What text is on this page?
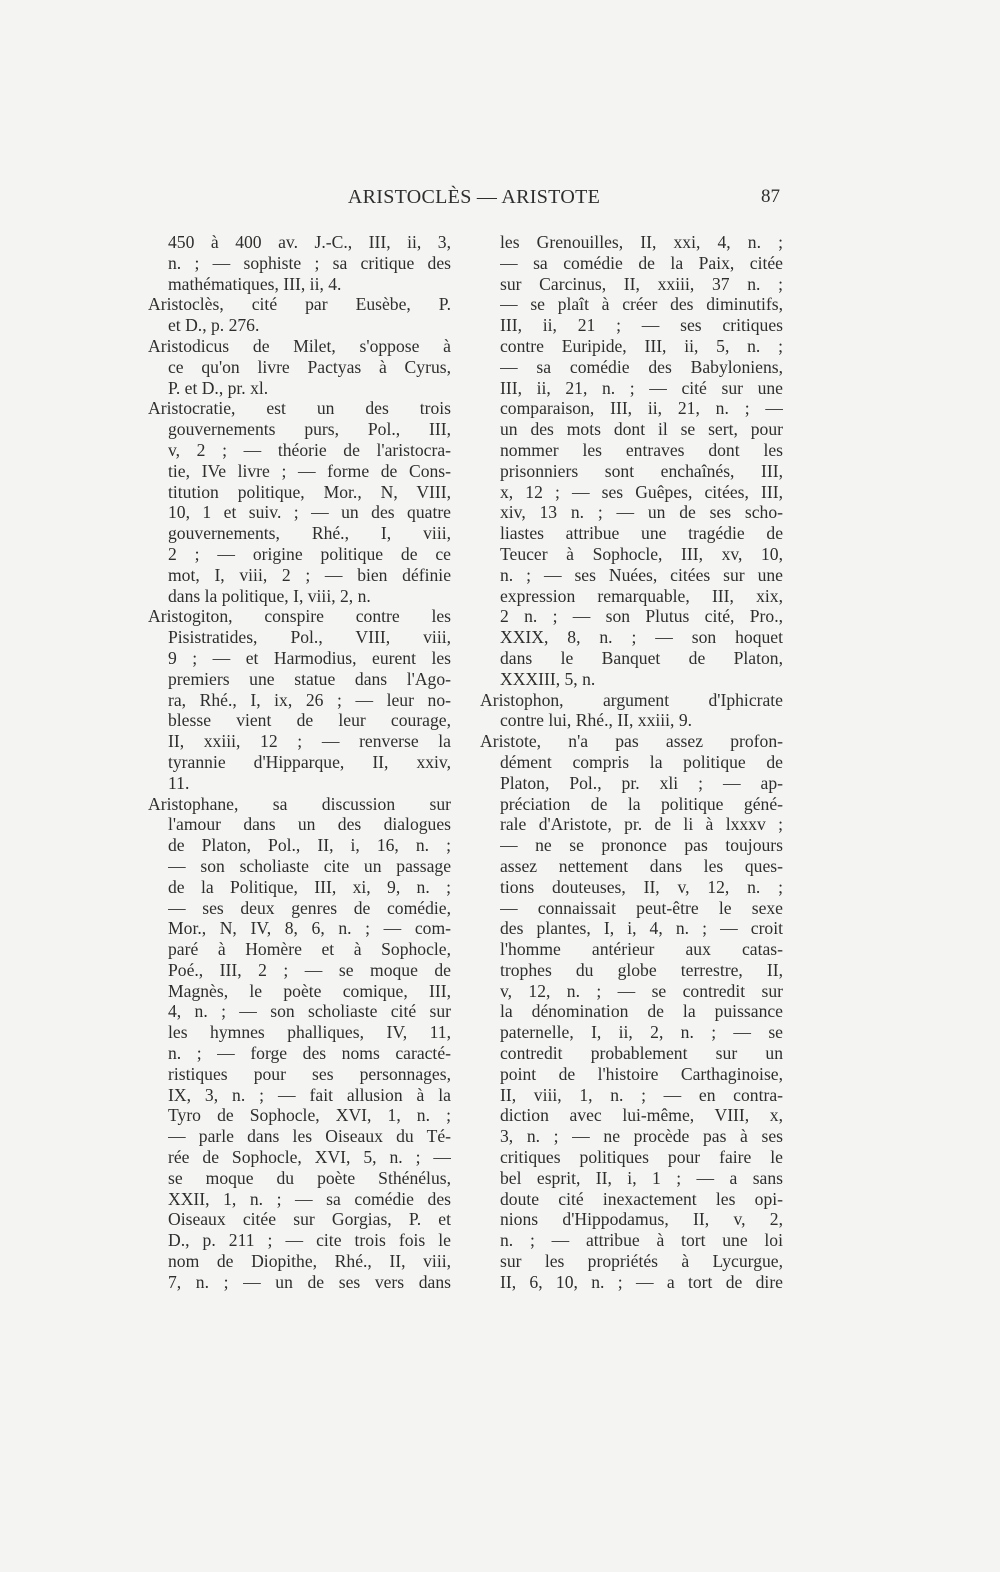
ARISTOCLÈS — ARISTOTE	87
450 à 400 av. J.-C., III, ii, 3,
n. ; — sophiste ; sa critique des
mathématiques, III, ii, 4.
Aristoclès, cité par Eusèbe, P.
et D., p. 276.
Aristodicus de Milet, s'oppose à
ce qu'on livre Pactyas à Cyrus,
P. et D., pr. xl.
Aristocratie, est un des trois
gouvernements purs, Pol., III,
v, 2 ; — théorie de l'aristocra-
tie, IVe livre ; — forme de Cons-
titution politique, Mor., N, VIII,
10, 1 et suiv. ; — un des quatre
gouvernements, Rhé., I, viii,
2 ; — origine politique de ce
mot, I, viii, 2 ; — bien définie
dans la politique, I, viii, 2, n.
Aristogiton, conspire contre les
Pisistratides, Pol., VIII, viii,
9 ; — et Harmodius, eurent les
premiers une statue dans l'Ago-
ra, Rhé., I, ix, 26 ; — leur no-
blesse vient de leur courage,
II, xxiii, 12 ; — renverse la
tyrannie d'Hipparque, II, xxiv,
11.
Aristophane, sa discussion sur
l'amour dans un des dialogues
de Platon, Pol., II, i, 16, n. ;
— son scholiaste cite un passage
de la Politique, III, xi, 9, n. ;
— ses deux genres de comédie,
Mor., N, IV, 8, 6, n. ; — com-
paré à Homère et à Sophocle,
Poé., III, 2 ; — se moque de
Magnès, le poète comique, III,
4, n. ; — son scholiaste cité sur
les hymnes phalliques, IV, 11,
n. ; — forge des noms caracté-
ristiques pour ses personnages,
IX, 3, n. ; — fait allusion à la
Tyro de Sophocle, XVI, 1, n. ;
— parle dans les Oiseaux du Té-
rée de Sophocle, XVI, 5, n. ; —
se moque du poète Sthénélus,
XXII, 1, n. ; — sa comédie des
Oiseaux citée sur Gorgias, P. et
D., p. 211 ; — cite trois fois le
nom de Diopithe, Rhé., II, viii,
7, n. ; — un de ses vers dans
les Grenouilles, II, xxi, 4, n. ;
— sa comédie de la Paix, citée
sur Carcinus, II, xxiii, 37 n. ;
— se plaît à créer des diminutifs,
III, ii, 21 ; — ses critiques
contre Euripide, III, ii, 5, n. ;
— sa comédie des Babyloniens,
III, ii, 21, n. ; — cité sur une
comparaison, III, ii, 21, n. ; —
un des mots dont il se sert, pour
nommer les entraves dont les
prisonniers sont enchaînés, III,
x, 12 ; — ses Guêpes, citées, III,
xiv, 13 n. ; — un de ses scho-
liastes attribue une tragédie de
Teucer à Sophocle, III, xv, 10,
n. ; — ses Nuées, citées sur une
expression remarquable, III, xix,
2 n. ; — son Plutus cité, Pro.,
XXIX, 8, n. ; — son hoquet
dans le Banquet de Platon,
XXXIII, 5, n.
Aristophon, argument d'Iphicrate
contre lui, Rhé., II, xxiii, 9.
Aristote, n'a pas assez profon-
dément compris la politique de
Platon, Pol., pr. xli ; — ap-
préciation de la politique géné-
rale d'Aristote, pr. de li à lxxxv ;
— ne se prononce pas toujours
assez nettement dans les ques-
tions douteuses, II, v, 12, n. ;
— connaissait peut-être le sexe
des plantes, I, i, 4, n. ; — croit
l'homme antérieur aux catas-
trophes du globe terrestre, II,
v, 12, n. ; — se contredit sur
la dénomination de la puissance
paternelle, I, ii, 2, n. ; — se
contredit probablement sur un
point de l'histoire Carthaginoise,
II, viii, 1, n. ; — en contra-
diction avec lui-même, VIII, x,
3, n. ; — ne procède pas à ses
critiques politiques pour faire le
bel esprit, II, i, 1 ; — a sans
doute cité inexactement les opi-
nions d'Hippodamus, II, v, 2,
n. ; — attribue à tort une loi
sur les propriétés à Lycurgue,
II, 6, 10, n. ; — a tort de dire
